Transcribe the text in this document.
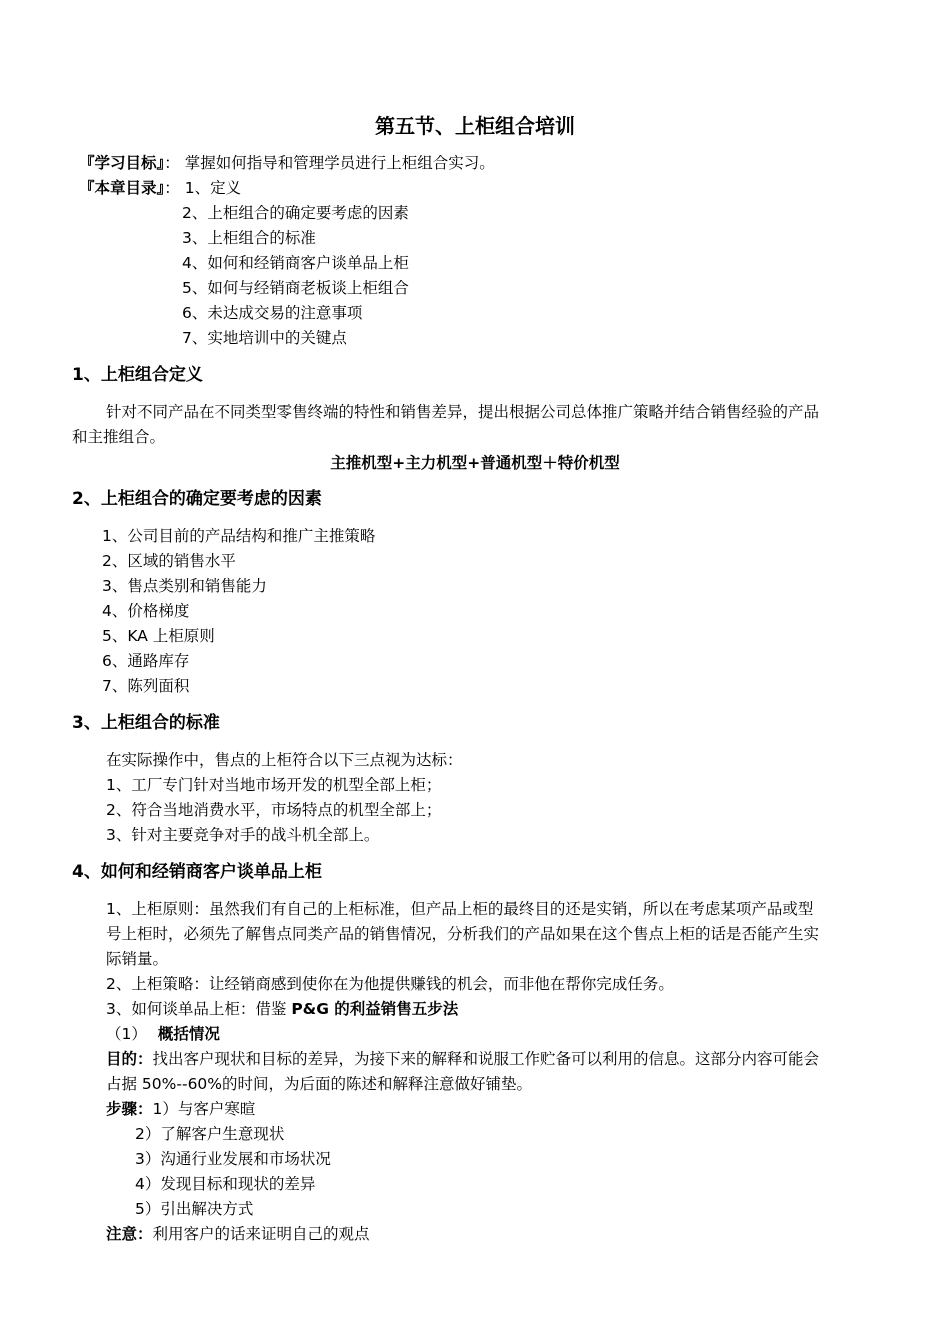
第五节、上柜组合培训
『学习目标』： 掌握如何指导和管理学员进行上柜组合实习。
『本章目录』： 1、定义
2、上柜组合的确定要考虑的因素
3、上柜组合的标准
4、如何和经销商客户谈单品上柜
5、如何与经销商老板谈上柜组合
6、未达成交易的注意事项
7、实地培训中的关键点
1、上柜组合定义
针对不同产品在不同类型零售终端的特性和销售差异，提出根据公司总体推广策略并结合销售经验的产品
和主推组合。
主推机型+主力机型+普通机型＋特价机型
2、上柜组合的确定要考虑的因素
1、公司目前的产品结构和推广主推策略
2、区域的销售水平
3、售点类别和销售能力
4、价格梯度
5、KA 上柜原则
6、通路库存
7、陈列面积
3、上柜组合的标准
在实际操作中，售点的上柜符合以下三点视为达标：
1、工厂专门针对当地市场开发的机型全部上柜；
2、符合当地消费水平，市场特点的机型全部上；
3、针对主要竞争对手的战斗机全部上。
4、如何和经销商客户谈单品上柜
1、上柜原则：虽然我们有自己的上柜标准，但产品上柜的最终目的还是实销，所以在考虑某项产品或型
号上柜时，必须先了解售点同类产品的销售情况，分析我们的产品如果在这个售点上柜的话是否能产生实
际销量。
2、上柜策略：让经销商感到使你在为他提供赚钱的机会，而非他在帮你完成任务。
3、如何谈单品上柜：借鉴 P&G 的利益销售五步法
（1） 概括情况
目的：找出客户现状和目标的差异，为接下来的解释和说服工作贮备可以利用的信息。这部分内容可能会
占据 50%--60%的时间，为后面的陈述和解释注意做好铺垫。
步骤：1）与客户寒暄
2）了解客户生意现状
3）沟通行业发展和市场状况
4）发现目标和现状的差异
5）引出解决方式
注意：利用客户的话来证明自己的观点
